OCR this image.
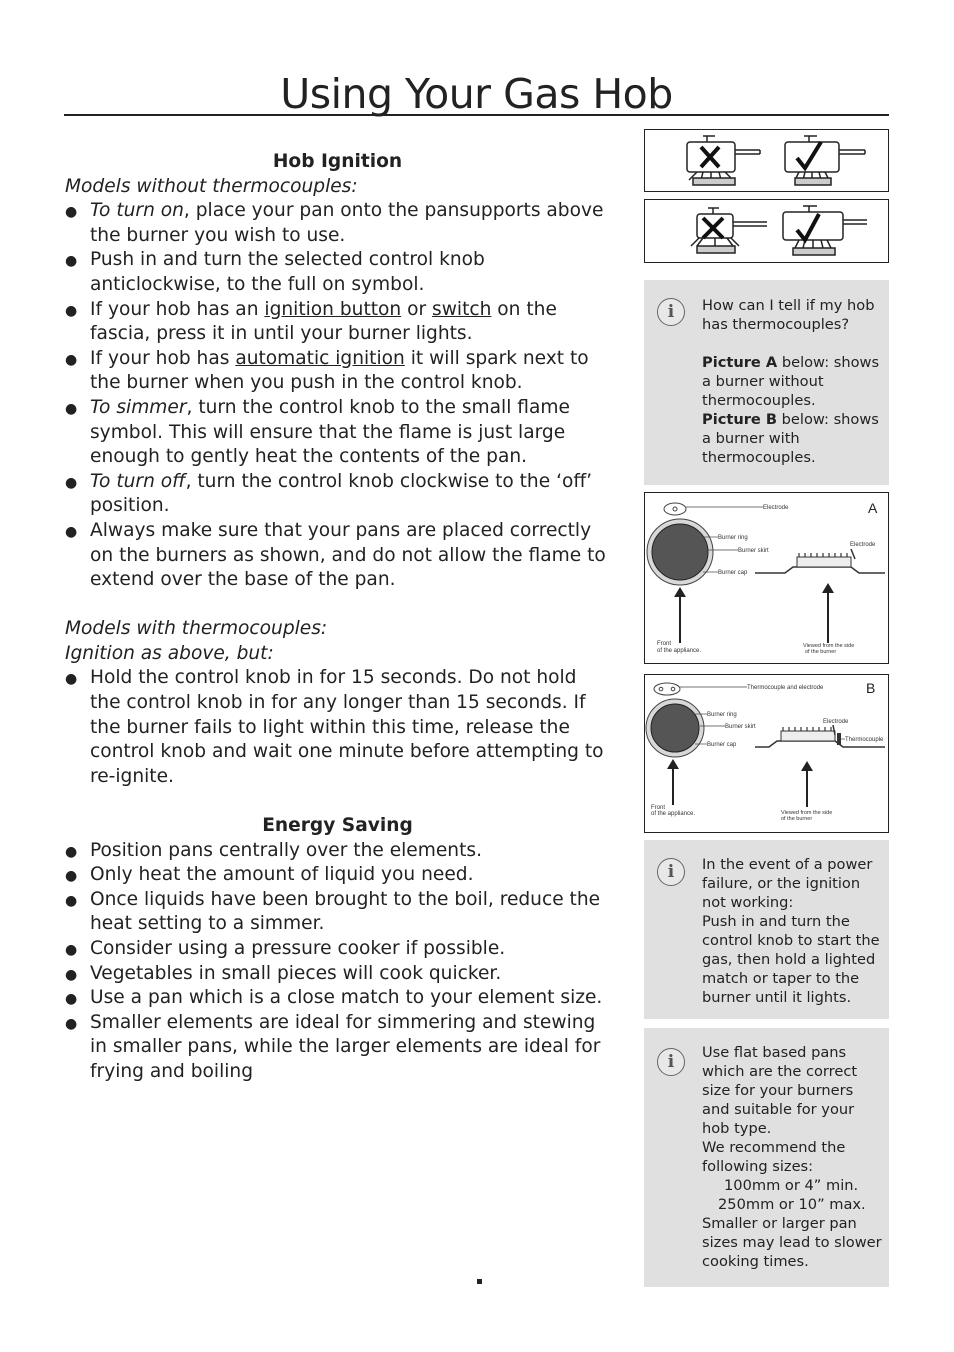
Using Your Gas Hob

Hob Ignition

Models without thermocouples:

● To turn on, place your pan onto the pansupports above the burner you wish to use.
● Push in and turn the selected control knob anticlockwise, to the full on symbol.
● If your hob has an ignition button or switch on the fascia, press it in until your burner lights.
● If your hob has automatic ignition it will spark next to the burner when you push in the control knob.
● To simmer, turn the control knob to the small flame symbol. This will ensure that the flame is just large enough to gently heat the contents of the pan.
● To turn off, turn the control knob clockwise to the ‘off’ position.
● Always make sure that your pans are placed correctly on the burners as shown, and do not allow the flame to extend over the base of the pan.

Models with thermocouples:

Ignition as above, but:

● Hold the control knob in for 15 seconds. Do not hold the control knob in for any longer than 15 seconds. If the burner fails to light within this time, release the control knob and wait one minute before attempting to re-ignite.

Energy Saving

● Position pans centrally over the elements.
● Only heat the amount of liquid you need.
● Once liquids have been brought to the boil, reduce the heat setting to a simmer.
● Consider using a pressure cooker if possible.
● Vegetables in small pieces will cook quicker.
● Use a pan which is a close match to your element size.
● Smaller elements are ideal for simmering and stewing in smaller pans, while the larger elements are ideal for frying and boiling
i	How can I tell if my hob has thermocouples?
Picture A below: shows a burner without thermocouples.
Picture B below: shows a burner with thermocouples.
A
Electrode
Burner ring
Burner skirt
Burner cap
Electrode
Front
of the appliance.
Viewed from the side
of the burner
B
Thermocouple and electrode
Burner ring
Burner skirt
Burner cap
Electrode
Thermocouple
Front
of the appliance.	Viewed from the side
of the burner
i	In the event of a power failure, or the ignition not working:
Push in and turn the control knob to start the gas, then hold a lighted match or taper to the burner until it lights.
i	Use flat based pans which are the correct size for your burners and suitable for your hob type.
We recommend the following sizes:
100mm or 4” min.
250mm or 10” max.
Smaller or larger pan sizes may lead to slower cooking times.
